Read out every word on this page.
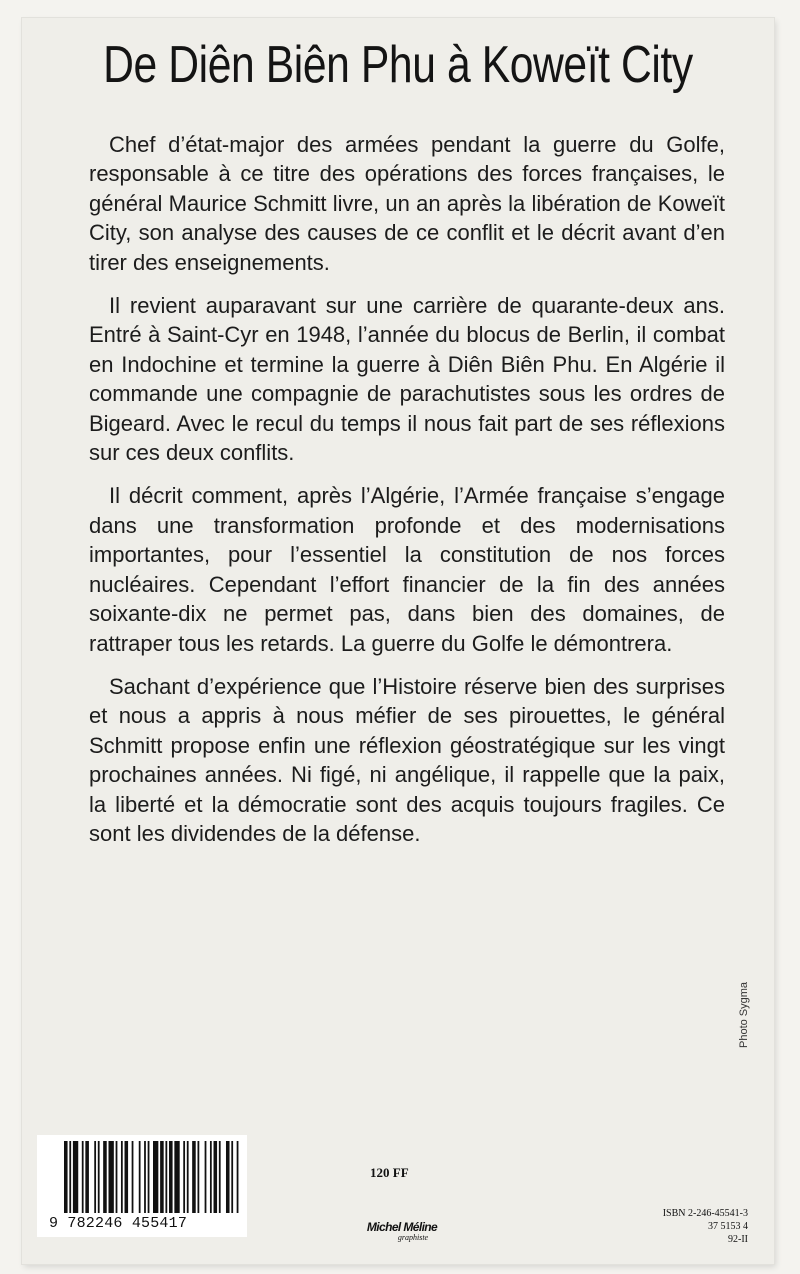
De Diên Biên Phu à Koweït City

Chef d’état-major des armées pendant la guerre du Golfe, responsable à ce titre des opérations des forces françaises, le général Maurice Schmitt livre, un an après la libération de Koweït City, son analyse des causes de ce conflit et le décrit avant d’en tirer des enseignements.

Il revient auparavant sur une carrière de quarante-deux ans. Entré à Saint-Cyr en 1948, l’année du blocus de Berlin, il combat en Indochine et termine la guerre à Diên Biên Phu. En Algérie il commande une compagnie de parachutistes sous les ordres de Bigeard. Avec le recul du temps il nous fait part de ses réflexions sur ces deux conflits.

Il décrit comment, après l’Algérie, l’Armée française s’engage dans une transformation profonde et des modernisations importantes, pour l’essentiel la constitution de nos forces nucléaires. Cependant l’effort financier de la fin des années soixante-dix ne permet pas, dans bien des domaines, de rattraper tous les retards. La guerre du Golfe le démontrera.

Sachant d’expérience que l’Histoire réserve bien des surprises et nous a appris à nous méfier de ses pirouettes, le général Schmitt propose enfin une réflexion géostratégique sur les vingt prochaines années. Ni figé, ni angélique, il rappelle que la paix, la liberté et la démocratie sont des acquis toujours fragiles. Ce sont les dividendes de la défense.

Photo Sygma
9 782246 455417
120 FF
Michel Méline
graphiste
ISBN 2-246-45541-3
37 5153 4
92-II
